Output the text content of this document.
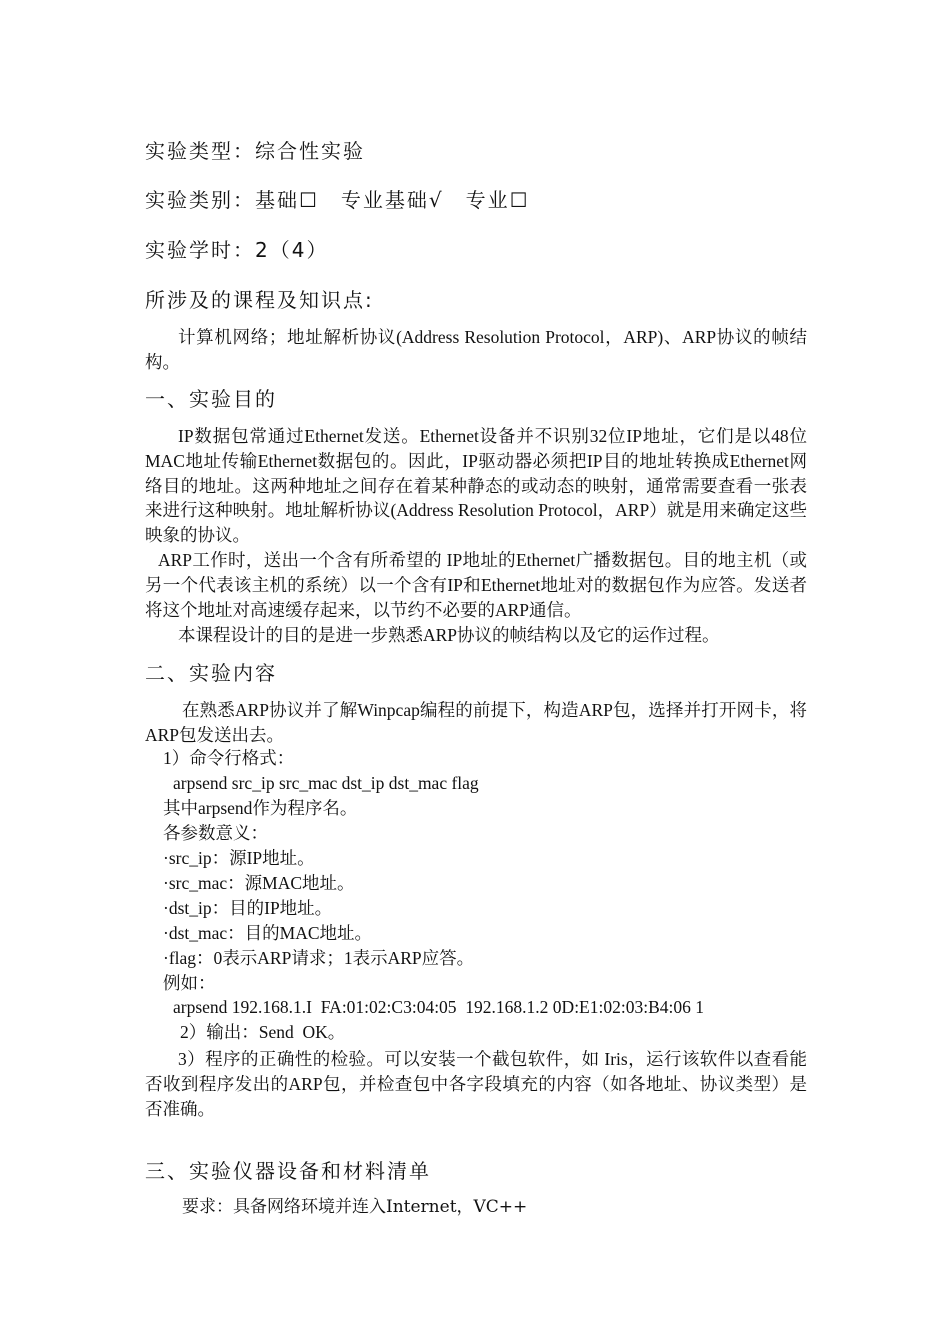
实验类型：综合性实验
实验类别：基础☐　专业基础√　专业☐
实验学时：2（4）
所涉及的课程及知识点:
计算机网络；地址解析协议(Address Resolution Protocol，ARP)、ARP协议的帧结构。
一、实验目的
IP数据包常通过Ethernet发送。Ethernet设备并不识别32位IP地址，它们是以48位MAC地址传输Ethernet数据包的。因此，IP驱动器必须把IP目的地址转换成Ethernet网络目的地址。这两种地址之间存在着某种静态的或动态的映射，通常需要查看一张表来进行这种映射。地址解析协议(Address Resolution Protocol，ARP）就是用来确定这些映象的协议。
ARP工作时，送出一个含有所希望的 IP地址的Ethernet广播数据包。目的地主机（或另一个代表该主机的系统）以一个含有IP和Ethernet地址对的数据包作为应答。发送者将这个地址对高速缓存起来，以节约不必要的ARP通信。
本课程设计的目的是进一步熟悉ARP协议的帧结构以及它的运作过程。
二、实验内容
在熟悉ARP协议并了解Winpcap编程的前提下，构造ARP包，选择并打开网卡，将ARP包发送出去。
1）命令行格式：
arpsend src_ip src_mac dst_ip dst_mac flag
其中arpsend作为程序名。
各参数意义：
·src_ip：源IP地址。
·src_mac：源MAC地址。
·dst_ip：目的IP地址。
·dst_mac：目的MAC地址。
·flag：0表示ARP请求；1表示ARP应答。
例如：
arpsend 192.168.1.I  FA:01:02:C3:04:05  192.168.1.2 0D:E1:02:03:B4:06 1
2）输出：Send  OK。
3）程序的正确性的检验。可以安装一个截包软件，如 Iris，运行该软件以查看能否收到程序发出的ARP包，并检查包中各字段填充的内容（如各地址、协议类型）是否准确。
三、实验仪器设备和材料清单
要求：具备网络环境并连入Internet，VC++
